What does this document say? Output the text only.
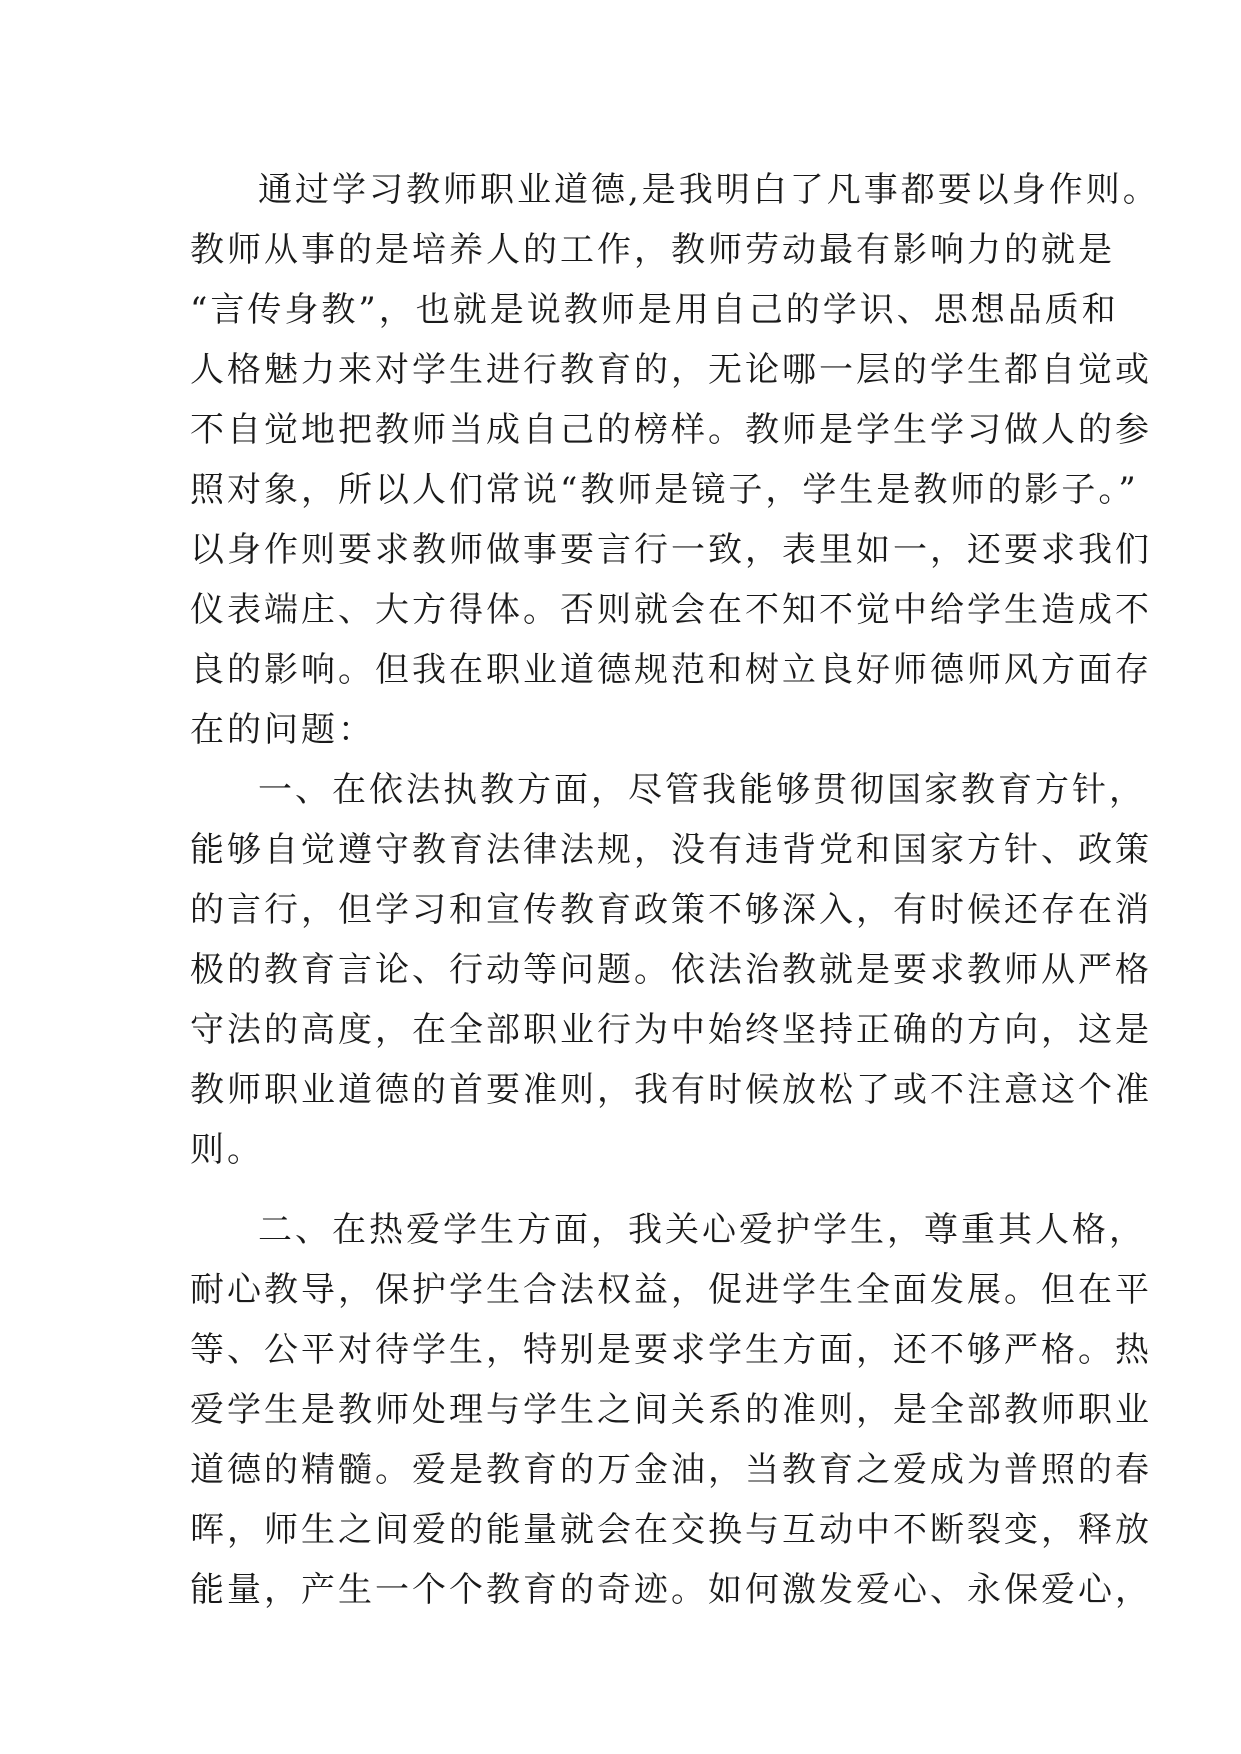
通过学习教师职业道德,是我明白了凡事都要以身作则。
教师从事的是培养人的工作，教师劳动最有影响力的就是
“言传身教”，也就是说教师是用自己的学识、思想品质和
人格魅力来对学生进行教育的，无论哪一层的学生都自觉或
不自觉地把教师当成自己的榜样。教师是学生学习做人的参
照对象，所以人们常说“教师是镜子，学生是教师的影子。”
以身作则要求教师做事要言行一致，表里如一，还要求我们
仪表端庄、大方得体。否则就会在不知不觉中给学生造成不
良的影响。但我在职业道德规范和树立良好师德师风方面存
在的问题：
一、在依法执教方面，尽管我能够贯彻国家教育方针，
能够自觉遵守教育法律法规，没有违背党和国家方针、政策
的言行，但学习和宣传教育政策不够深入，有时候还存在消
极的教育言论、行动等问题。依法治教就是要求教师从严格
守法的高度，在全部职业行为中始终坚持正确的方向，这是
教师职业道德的首要准则，我有时候放松了或不注意这个准
则。
二、在热爱学生方面，我关心爱护学生，尊重其人格，
耐心教导，保护学生合法权益，促进学生全面发展。但在平
等、公平对待学生，特别是要求学生方面，还不够严格。热
爱学生是教师处理与学生之间关系的准则，是全部教师职业
道德的精髓。爱是教育的万金油，当教育之爱成为普照的春
晖，师生之间爱的能量就会在交换与互动中不断裂变，释放
能量，产生一个个教育的奇迹。如何激发爱心、永保爱心，
